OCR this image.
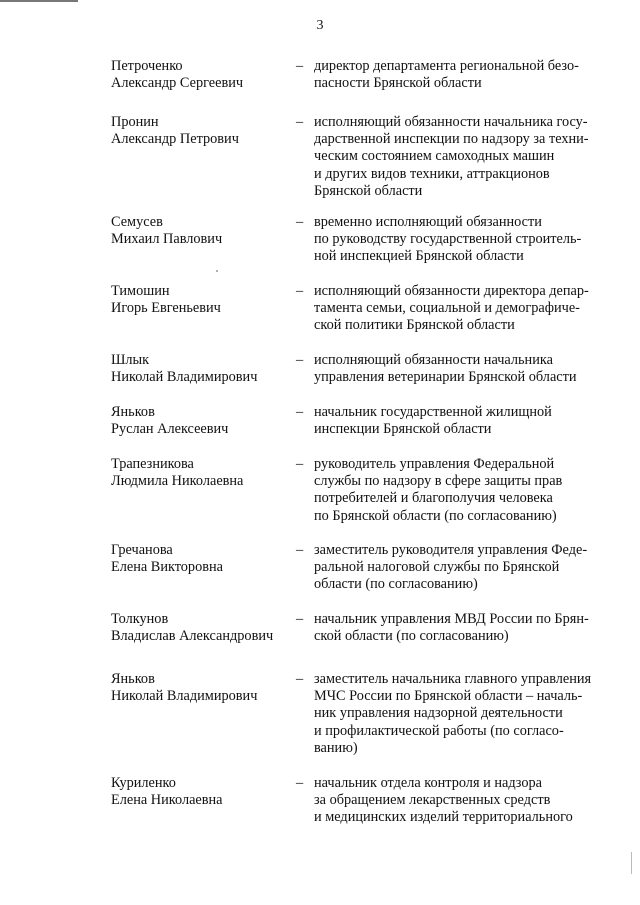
3
Петроченко
Александр Сергеевич
– директор департамента региональной безо-
пасности Брянской области
Пронин
Александр Петрович
– исполняющий обязанности начальника госу-
дарственной инспекции по надзору за техни-
ческим состоянием самоходных машин
и других видов техники, аттракционов
Брянской области
Семусев
Михаил Павлович
– временно исполняющий обязанности
по руководству государственной строитель-
ной инспекцией Брянской области
Тимошин
Игорь Евгеньевич
– исполняющий обязанности директора депар-
тамента семьи, социальной и демографиче-
ской политики Брянской области
Шлык
Николай Владимирович
– исполняющий обязанности начальника
управления ветеринарии Брянской области
Яньков
Руслан Алексеевич
– начальник государственной жилищной
инспекции Брянской области
Трапезникова
Людмила Николаевна
– руководитель управления Федеральной
службы по надзору в сфере защиты прав
потребителей и благополучия человека
по Брянской области (по согласованию)
Гречанова
Елена Викторовна
– заместитель руководителя управления Феде-
ральной налоговой службы по Брянской
области (по согласованию)
Толкунов
Владислав Александрович
– начальник управления МВД России по Брян-
ской области (по согласованию)
Яньков
Николай Владимирович
– заместитель начальника главного управления
МЧС России по Брянской области – началь-
ник управления надзорной деятельности
и профилактической работы (по согласо-
ванию)
Куриленко
Елена Николаевна
– начальник отдела контроля и надзора
за обращением лекарственных средств
и медицинских изделий территориального
